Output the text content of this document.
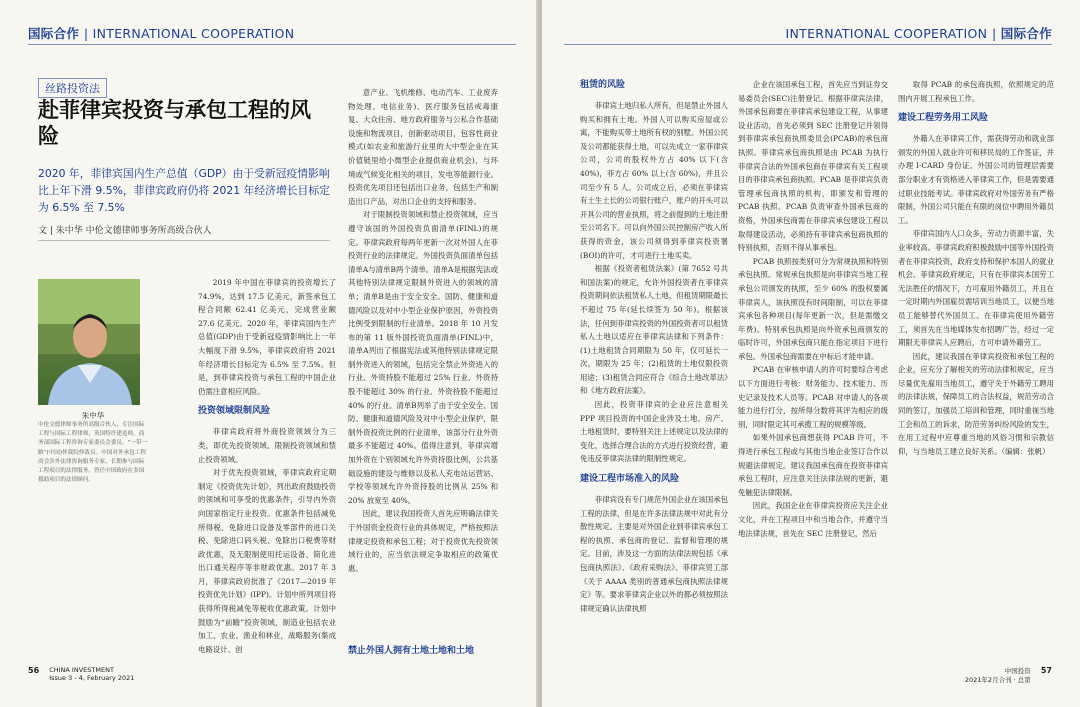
国际合作 | INTERNATIONAL COOPERATION
丝路投资法
赴菲律宾投资与承包工程的风险
2020 年，菲律宾国内生产总值（GDP）由于受新冠疫情影响比上年下滑 9.5%，菲律宾政府仍将 2021 年经济增长目标定为 6.5% 至 7.5%
文 | 朱中华 中伦文德律师事务所高级合伙人
朱中华
中伦文德律师事务所高级合伙人，专注国际工程与国际工程律师、英国特许建造师，商务部国际工程咨询专家委员会委员。“一带一路”(中国)仲裁院仲裁员。中国对外承包工程商会涉外法律咨询服务专家，长期参与国际工程项目的法律服务，曾任中国政府在多国援助项目的法律顾问。

2019 年中国在菲律宾的投资增长了 74.9%，达到 17.5 亿美元，新签承包工程合同额 62.41 亿美元，完成营业额 27.6 亿美元。2020 年，菲律宾国内生产总值(GDP)由于受新冠疫情影响比上一年大幅度下滑 9.5%，菲律宾政府将 2021 年经济增长目标定为 6.5% 至 7.5%。但是，到菲律宾投资与承包工程的中国企业仍需注意相应风险。

投资领域限制风险

菲律宾政府将外商投资领域分为三类，即优先投资领域、限制投资领域和禁止投资领域。

对于优先投资领域，菲律宾政府定期制定《投资优先计划》，列出政府鼓励投资的领域和可享受的优惠条件，引导内外资向国家指定行业投资。优惠条件包括减免所得税、免除进口设备及零部件的进口关税、免除进口码头税、免除出口税费等财政优惠，及无限制使用托运设备、简化进出口通关程序等非财政优惠。2017 年 3 月，菲律宾政府批准了《2017—2019 年投资优先计划》(IPP)。计划中所列项目将获得所得税减免等税收优惠政策。计划中鼓励为“前瞻”投资领域，制造业包括农业加工、农业、渔业和林业，战略服务(集成电路设计、创

意产业、飞机维修、电动汽车、工业废弃物处理、电信业务)、医疗服务包括戒毒康复、大众住房、地方政府服务与公私合作基础设施和物流项目，创新驱动项目，包容性商业模式(如农业和旅游行业里的大中型企业在其价值链里给小微型企业提供商业机会)，与环境或气候变化相关的项目，发电等能源行业。投资优先项目还包括出口业务，包括生产和制造出口产品，对出口企业的支持和服务。

对于限制投资领域和禁止投资领域，应当遵守该国的外国投资负面清单(FINL)的规定。菲律宾政府每两年更新一次对外国人在菲投资行业的法律规定。外国投资负面清单包括清单A与清单B两个清单。清单A是根据宪法或其他特别法律规定限制外资进入的领域的清单；清单B是由于安全安全、国防、健康和道德风险以及对中小型企业保护原因，外资投资比例受到限制的行业清单。2018 年 10 月发布的第 11 版外国投资负面清单(FINL)中，清单A列出了根据宪法或其他特别法律规定限制外资进入的领域，包括完全禁止外资进入的行业、外资持股不能超过 25% 行业、外资持股不能超过 30% 的行业、外资持股不能超过 40% 的行业。清单B列举了由于安全安全、国防、健康和道德风险及对中小型企业保护，限制外资投资比例的行业清单，该部分行业外资最多不能超过 40%。值得注意到，菲律宾增加外资在个别领域允许外资持股比例，公共基础设施的建设与维修以及私人充电站运营站、学校等领域允许外资持股的比例从 25% 和 20% 放宽至 40%。

因此，建议我国投资人首先应明确法律关于外国资金投资行业的具体规定，严格按照法律规定投资和承包工程；对于投资优先投资领域行业的，应当依法规定争取相应的政策优惠。

禁止外国人拥有土地土地和土地
56 CHINA INVESTMENT
Issue 3 - 4, February 2021
INTERNATIONAL COOPERATION | 国际合作
租赁的风险

菲律宾土地归私人所有，但是禁止外国人购买和拥有土地。外国人可以购买房屋或公寓，不能购买带土地所有权的别墅。外国公民及公司都能获得土地，可以先成立一家菲律宾公司，公司的股权外方占 40% 以下(含 40%)，菲方占 60% 以上(含 60%)，并且公司至少有 5 人。公司成立后，必须在菲律宾有土生土长的公司银行账户，账户的开头可以开具公司的营业执照，将之前提到的土地注册至公司名下。可以向外国公民控制房产收入所获得的资金，该公司须得到菲律宾投资署(BOI)的许可，才可进行土地买卖。

根据《投资者租赁法案》(第 7652 号共和国法案)的规定，允许外国投资者在菲律宾投资期间依法租赁私人土地，但租赁期限最长不超过 75 年(延长续签为 50 年)。根据该法，任何到菲律宾投资的外国投资者可以租赁私人土地以适应在菲律宾法律和下列条件：(1)土地租赁合同期限为 50 年，仅可延长一次，期限为 25 年；(2)租赁的土地仅限投资用途；(3)租赁合同应符合《综合土地改革法》和《地方政府法案》。

因此，投资菲律宾的企业应注意相关 PPP 项目投资的中国企业涉及土地、房产、土地租赁时，要特别关注上述规定以及法律的变化，选择合理合法的方式进行投资经营，避免违反菲律宾法律的限制性规定。

建设工程市场准入的风险

菲律宾没有专门规范外国企业在该国承包工程的法律，但是在许多法律法规中对此有分散性规定。主要是对外国企业到菲律宾承包工程的执照、承包商的登记、监督和管理的规定。目前，涉及这一方面的法律法规包括《承包商执照法》、《政府采购法》、菲律宾贸工部《关于 AAAA 类别的普通承包商执照法律规定》等。要求菲律宾企业以外的都必须按照法律规定确认法律执照

企业在该国承包工程，首先应当到证券交易委员会(SEC)注册登记。根据菲律宾法律，外国承包商要在菲律宾承包建设工程，从事建设业活动，首先必须到 SEC 注册登记并领得到菲律宾承包商执照委员会(PCAB)的承包商执照。菲律宾承包商执照是由 PCAB 为执行菲律宾合法的外国承包商在菲律宾有关工程项目的菲律宾承包商执照。PCAB 是菲律宾负责管理承包商执照的机构，即颁发和管理的 PCAB 执照。PCAB 负责审查外国承包商的资格，外国承包商需在菲律宾承包建设工程以取得建设活动，必须持有菲律宾承包商执照的特别执照，否则不得从事承包。

PCAB 执照按类别可分为常规执照和特别承包执照。常规承包执照是向菲律宾当地工程承包公司颁发的执照，至少 60% 的股权要属菲律宾人，该执照没有时间限制，可以在菲律宾承包各种项目(每年更新一次，但是需缴交年费)。特别承包执照是向外资承包商颁发的临时许可，外国承包商只能在指定项目下进行承包。外国承包商需要在中标后才能申请。

PCAB 在审核申请人的许可时要综合考虑以下方面进行考核：财务能力、技术能力、历史记录及技术人员等。PCAB 对申请人的各项能力进行打分，按所得分数将其评为相应的级别，同时限定其可承揽工程的规模等级。

如果外国承包商想获得 PCAB 许可，不得进行承包工程或与其他当地企业签订合作以规避法律规定。建议我国承包商在投资菲律宾承包工程时，应注意关注法律法规的更新，避免触犯法律限制。

因此，我国企业在菲律宾投资应关注企业文化，并在工程项目中和当地合作，并遵守当地法律法规，首先在 SEC 注册登记，然后

取得 PCAB 的承包商执照，依照规定的范围内开展工程承包工作。

建设工程劳务用工风险

外籍人在菲律宾工作，需获得劳动和就业部颁发的外国人就业许可和移民局的工作签证，并办理 I-CARD 身份证。外国公司的管理层需要部分职业才有资格进入菲律宾工作，但是需要通过职业技能考试。菲律宾政府对外国劳务有严格限制，外国公司只能在有限的岗位中聘用外籍员工。

菲律宾国内人口众多，劳动力资源丰富，失业率较高。菲律宾政府积极鼓励中国等外国投资者在菲律宾投资，政府支持和保护本国人的就业机会。菲律宾政府规定，只有在菲律宾本国劳工无法胜任的情况下，方可雇用外籍员工，并且在一定时期内外国雇员需培训当地员工，以便当地员工能够替代外国员工。在菲律宾使用外籍劳工，须首先在当地媒体发布招聘广告，经过一定期限无菲律宾人应聘后，方可申请外籍劳工。

因此，建议我国在菲律宾投资和承包工程的企业，应充分了解相关的劳动法律和规定，应当尽量优先雇用当地员工，遵守关于外籍劳工聘用的法律法规，保障员工的合法权益，规范劳动合同的签订，加强员工培训和管理，同时重视当地工会和员工的诉求，防范劳务纠纷风险的发生，在用工过程中应尊重当地的风俗习惯和宗教信仰，与当地员工建立良好关系。（编辑：张帆）

中国投资
2021年2月合刊 · 总第 57
